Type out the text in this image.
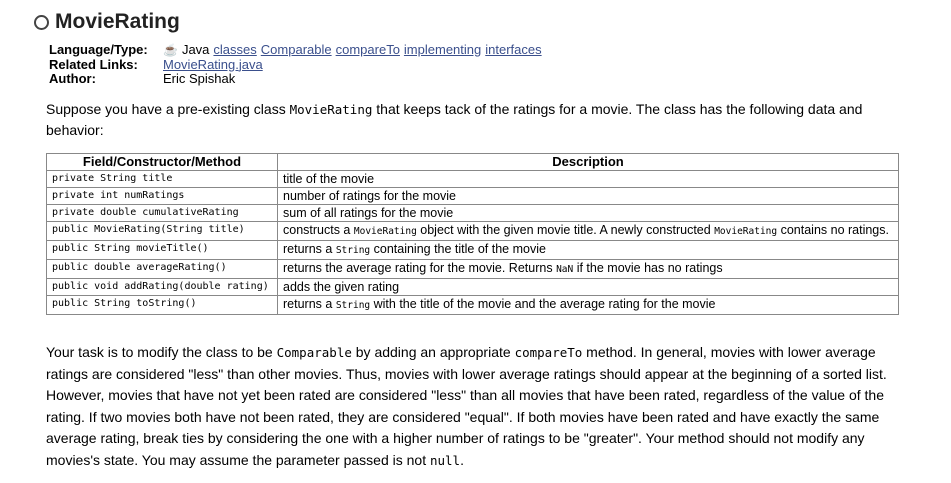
MovieRating
Language/Type:	☕ Java classes Comparable compareTo implementing interfaces
Related Links:	MovieRating.java
Author:	Eric Spishak
Suppose you have a pre-existing class MovieRating that keeps tack of the ratings for a movie. The class has the following data and behavior:
Field/Constructor/Method	Description
private String title	title of the movie
private int numRatings	number of ratings for the movie
private double cumulativeRating	sum of all ratings for the movie
public MovieRating(String title)	constructs a MovieRating object with the given movie title. A newly constructed MovieRating contains no ratings.
public String movieTitle()	returns a String containing the title of the movie
public double averageRating()	returns the average rating for the movie. Returns NaN if the movie has no ratings
public void addRating(double rating)	adds the given rating
public String toString()	returns a String with the title of the movie and the average rating for the movie
Your task is to modify the class to be Comparable by adding an appropriate compareTo method. In general, movies with lower average ratings are considered "less" than other movies. Thus, movies with lower average ratings should appear at the beginning of a sorted list. However, movies that have not yet been rated are considered "less" than all movies that have been rated, regardless of the value of the rating. If two movies both have not been rated, they are considered "equal". If both movies have been rated and have exactly the same average rating, break ties by considering the one with a higher number of ratings to be "greater". Your method should not modify any movies's state. You may assume the parameter passed is not null.
